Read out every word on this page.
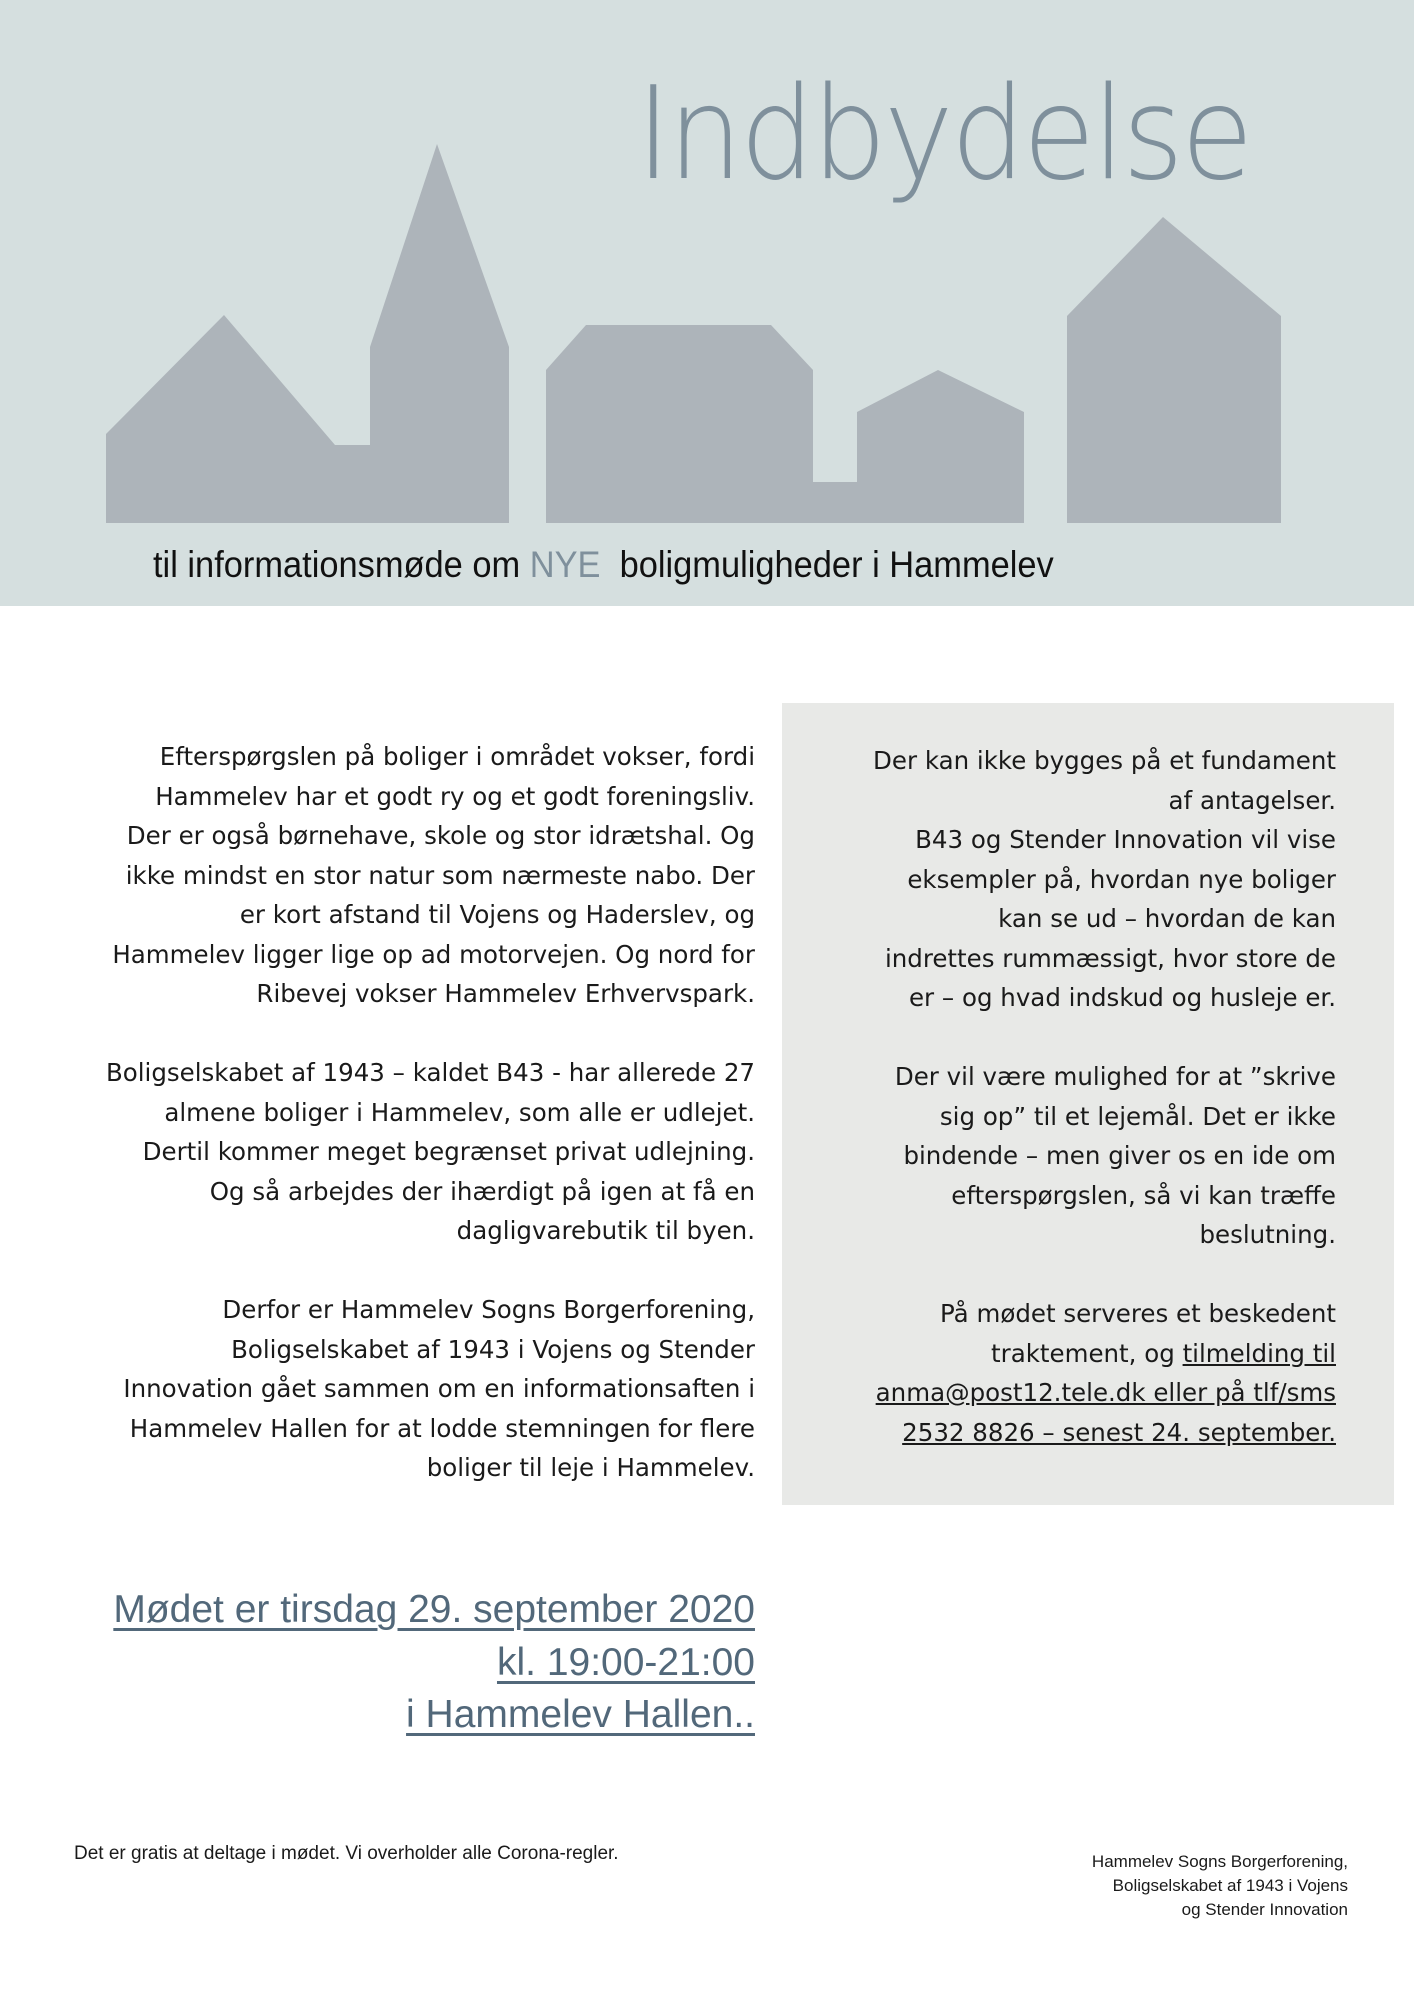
Indbydelse
til informationsmøde om NYE  boligmuligheder i Hammelev
Efterspørgslen på boliger i området vokser, fordi
Hammelev har et godt ry og et godt foreningsliv.
Der er også børnehave, skole og stor idrætshal. Og
ikke mindst en stor natur som nærmeste nabo. Der
er kort afstand til Vojens og Haderslev, og
Hammelev ligger lige op ad motorvejen. Og nord for
Ribevej vokser Hammelev Erhvervspark.

Boligselskabet af 1943 – kaldet B43 - har allerede 27
almene boliger i Hammelev, som alle er udlejet.
Dertil kommer meget begrænset privat udlejning.
Og så arbejdes der ihærdigt på igen at få en
dagligvarebutik til byen.

Derfor er Hammelev Sogns Borgerforening,
Boligselskabet af 1943 i Vojens og Stender
Innovation gået sammen om en informationsaften i
Hammelev Hallen for at lodde stemningen for flere
boliger til leje i Hammelev.
Der kan ikke bygges på et fundament
af antagelser.
B43 og Stender Innovation vil vise
eksempler på, hvordan nye boliger
kan se ud – hvordan de kan
indrettes rummæssigt, hvor store de
er – og hvad indskud og husleje er.

Der vil være mulighed for at ”skrive
sig op” til et lejemål. Det er ikke
bindende – men giver os en ide om
efterspørgslen, så vi kan træffe
beslutning.

På mødet serveres et beskedent
traktement, og tilmelding til
anma@post12.tele.dk eller på tlf/sms
2532 8826 – senest 24. september.
Mødet er tirsdag 29. september 2020
kl. 19:00-21:00
i Hammelev Hallen..
Det er gratis at deltage i mødet. Vi overholder alle Corona-regler.	Hammelev Sogns Borgerforening,
Boligselskabet af 1943 i Vojens
og Stender Innovation
